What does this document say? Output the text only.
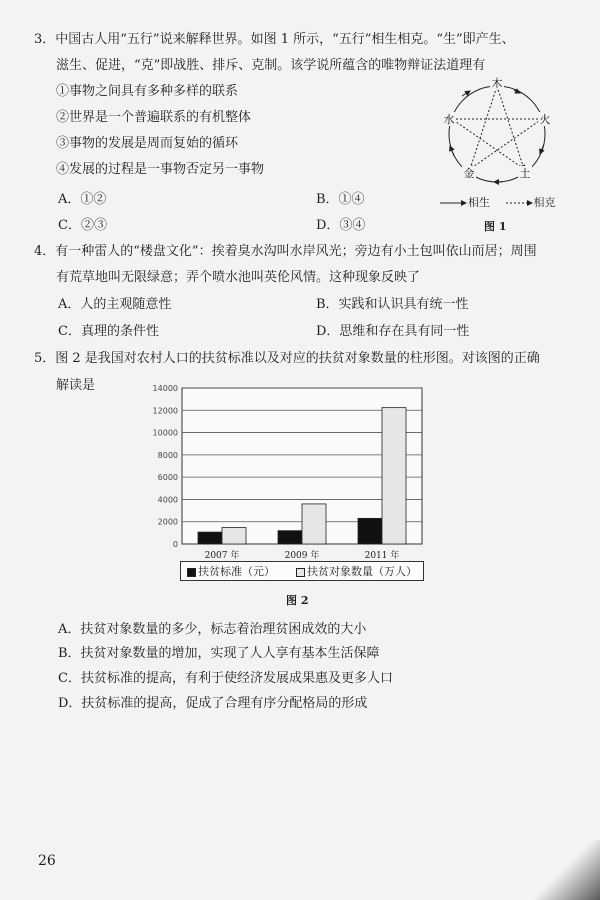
3．中国古人用“五行”说来解释世界。如图 1 所示，“五行”相生相克。“生”即产生、
滋生、促进，“克”即战胜、排斥、克制。该学说所蕴含的唯物辩证法道理有
①事物之间具有多种多样的联系
②世界是一个普遍联系的有机整体
③事物的发展是周而复始的循环
④发展的过程是一事物否定另一事物
A．①②	B．①④
C．②③	D．③④
木
火
土
金
水
相生	相克
图 1
4．有一种雷人的“楼盘文化”：挨着臭水沟叫水岸风光；旁边有小土包叫依山而居；周围
有荒草地叫无限绿意；弄个喷水池叫英伦风情。这种现象反映了
A．人的主观随意性	B．实践和认识具有统一性
C．真理的条件性	D．思维和存在具有同一性
5．图 2 是我国对农村人口的扶贫标准以及对应的扶贫对象数量的柱形图。对该图的正确
解读是
0
2000
4000
6000
8000
10000
12000
14000
2007 年	2009 年	2011 年
扶贫标准（元）	扶贫对象数量（万人）
图 2
A．扶贫对象数量的多少，标志着治理贫困成效的大小
B．扶贫对象数量的增加，实现了人人享有基本生活保障
C．扶贫标准的提高，有利于使经济发展成果惠及更多人口
D．扶贫标准的提高，促成了合理有序分配格局的形成
26
